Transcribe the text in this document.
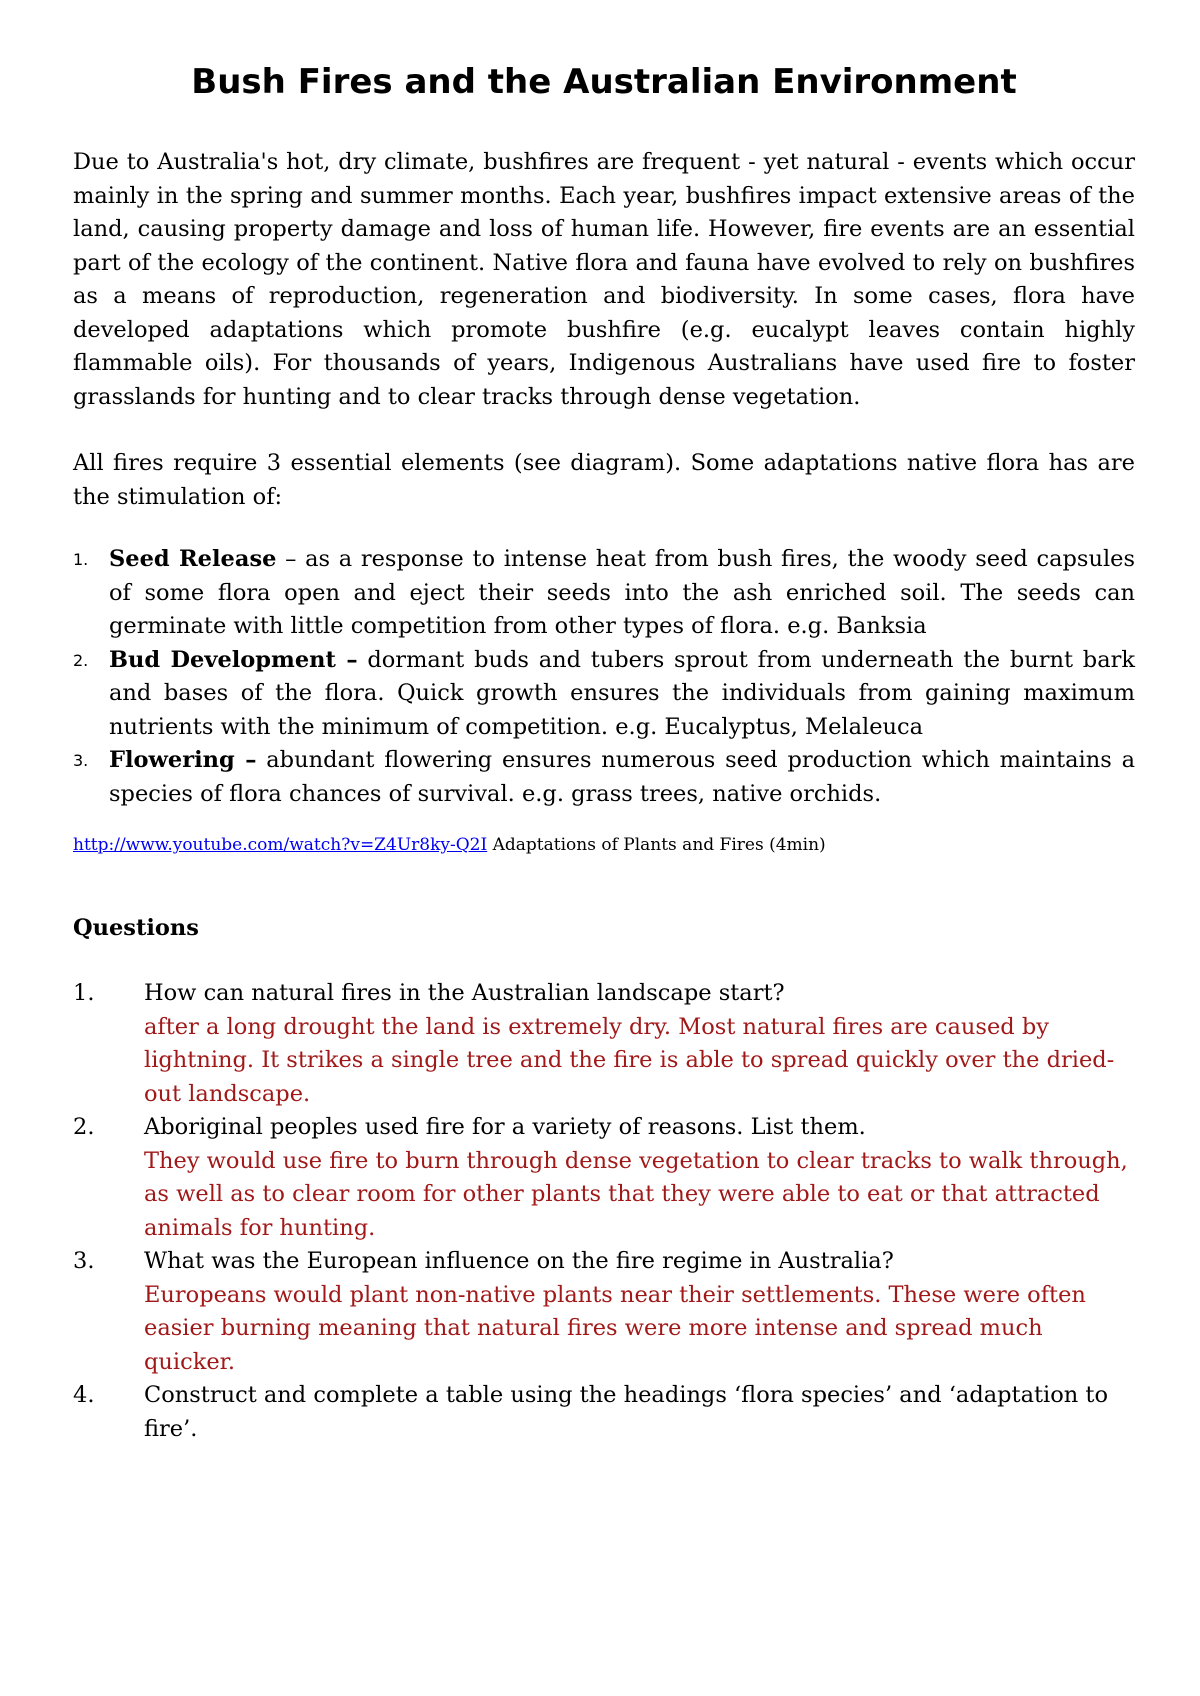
Bush Fires and the Australian Environment

Due to Australia's hot, dry climate, bushfires are frequent - yet natural - events which occur mainly in the spring and summer months. Each year, bushfires impact extensive areas of the land, causing property damage and loss of human life. However, fire events are an essential part of the ecology of the continent. Native flora and fauna have evolved to rely on bushfires as a means of reproduction, regeneration and biodiversity. In some cases, flora have developed adaptations which promote bushfire (e.g. eucalypt leaves contain highly flammable oils). For thousands of years, Indigenous Australians have used fire to foster grasslands for hunting and to clear tracks through dense vegetation.

All fires require 3 essential elements (see diagram). Some adaptations native flora has are the stimulation of:

1. Seed Release – as a response to intense heat from bush fires, the woody seed capsules of some flora open and eject their seeds into the ash enriched soil. The seeds can germinate with little competition from other types of flora. e.g. Banksia
2. Bud Development – dormant buds and tubers sprout from underneath the burnt bark and bases of the flora. Quick growth ensures the individuals from gaining maximum nutrients with the minimum of competition. e.g. Eucalyptus, Melaleuca
3. Flowering – abundant flowering ensures numerous seed production which maintains a species of flora chances of survival. e.g. grass trees, native orchids.
http://www.youtube.com/watch?v=Z4Ur8ky-Q2I Adaptations of Plants and Fires (4min)
Questions
1. How can natural fires in the Australian landscape start?
after a long drought the land is extremely dry. Most natural fires are caused by lightning. It strikes a single tree and the fire is able to spread quickly over the dried-out landscape.
2. Aboriginal peoples used fire for a variety of reasons. List them.
They would use fire to burn through dense vegetation to clear tracks to walk through, as well as to clear room for other plants that they were able to eat or that attracted animals for hunting.
3. What was the European influence on the fire regime in Australia?
Europeans would plant non-native plants near their settlements. These were often easier burning meaning that natural fires were more intense and spread much quicker.
4. Construct and complete a table using the headings ‘flora species’ and ‘adaptation to fire’.
